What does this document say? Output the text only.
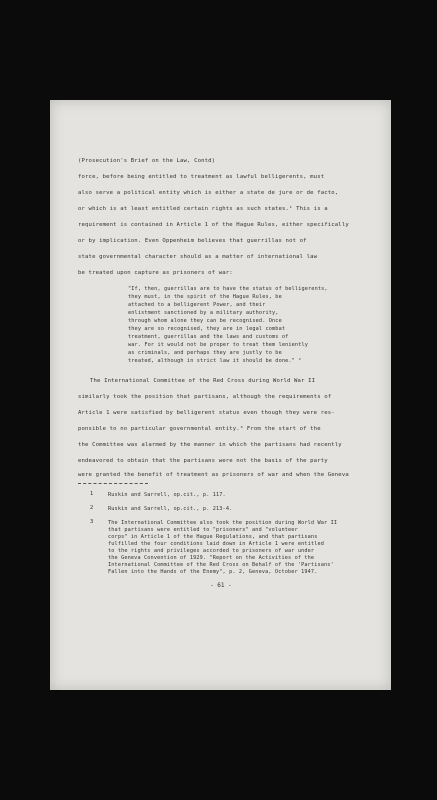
(Prosecution's Brief on the Law, Contd)
force, before being entitled to treatment as lawful belligerents, must
also serve a political entity which is either a state de jure or de facto,
or which is at least entitled certain rights as such states.¹ This is a
requirement is contained in Article 1 of the Hague Rules, either specifically
or by implication. Even Oppenheim believes that guerrillas not of
state governmental character should as a matter of international law
be treated upon capture as prisoners of war:
"If, then, guerrillas are to have the status of belligerents,
they must, in the spirit of the Hague Rules, be
attached to a belligerent Power, and their
enlistment sanctioned by a military authority,
through whom alone they can be recognised. Once
they are so recognised, they are in legal combat
treatment, guerrillas and the laws and customs of
war. For it would not be proper to treat them leniently
as criminals, and perhaps they are justly to be
treated, although in strict law it should be done." ²
The International Committee of the Red Cross during World War II
similarly took the position that partisans, although the requirements of
Article 1 were satisfied by belligerent status even though they were res-
ponsible to no particular governmental entity.³ From the start of the
the Committee was alarmed by the manner in which the partisans had recently
endeavored to obtain that the partisans were not the basis of the party
were granted the benefit of treatment as prisoners of war and when the Geneva
1	Ruskin and Sarrell, op.cit., p. 117.
2	Ruskin and Sarrell, op.cit., p. 213-4.
3	The International Committee also took the position during World War II
that partisans were entitled to "prisoners" and "volunteer
corps" in Article 1 of the Hague Regulations, and that partisans
fulfilled the four conditions laid down in Article 1 were entitled
to the rights and privileges accorded to prisoners of war under
the Geneva Convention of 1929. "Report on the Activities of the
International Committee of the Red Cross on Behalf of the 'Partisans'
Fallen into the Hands of the Enemy", p. 2, Geneva, October 1947.
- 61 -
